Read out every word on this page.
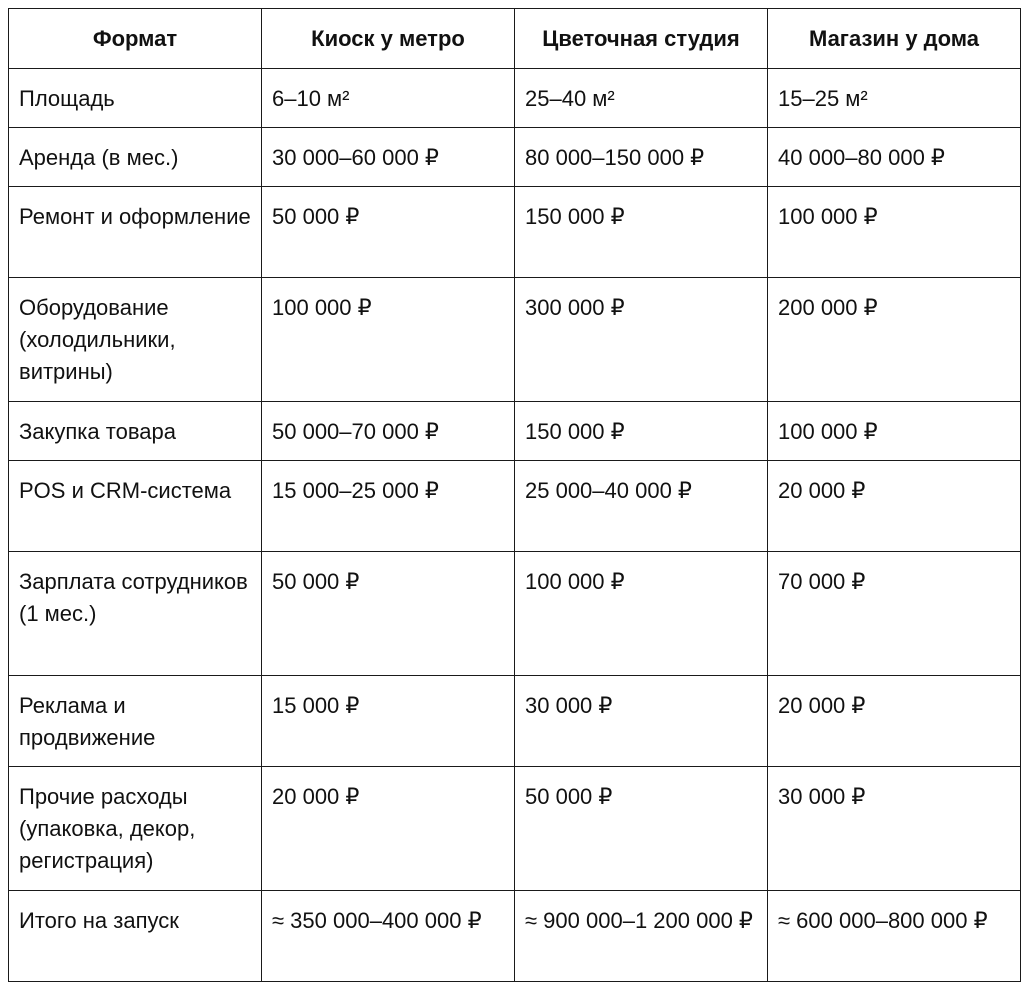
Формат	Киоск у метро	Цветочная студия	Магазин у дома
Площадь	6–10 м²	25–40 м²	15–25 м²
Аренда (в мес.)	30 000–60 000 ₽	80 000–150 000 ₽	40 000–80 000 ₽
Ремонт и оформление	50 000 ₽	150 000 ₽	100 000 ₽
Оборудование (холодильники, витрины)	100 000 ₽	300 000 ₽	200 000 ₽
Закупка товара	50 000–70 000 ₽	150 000 ₽	100 000 ₽
POS и CRM-система	15 000–25 000 ₽	25 000–40 000 ₽	20 000 ₽
Зарплата сотрудников (1 мес.)	50 000 ₽	100 000 ₽	70 000 ₽
Реклама и продвижение	15 000 ₽	30 000 ₽	20 000 ₽
Прочие расходы (упаковка, декор, регистрация)	20 000 ₽	50 000 ₽	30 000 ₽
Итого на запуск	≈ 350 000–400 000 ₽	≈ 900 000–1 200 000 ₽	≈ 600 000–800 000 ₽
